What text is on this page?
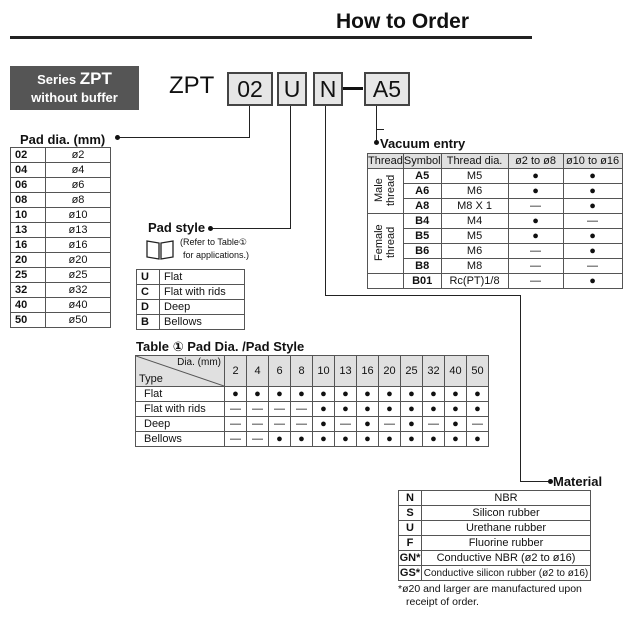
How to Order
Series ZPT
without buffer	ZPT 02 U N	A5
Pad dia. (mm)
02	ø2
04	ø4
06	ø6
08	ø8
10	ø10
13	ø13
16	ø16
20	ø20
25	ø25
32	ø32
40	ø40
50	ø50
Pad style
(Refer to Table①
for applications.)
U	Flat
C	Flat with rids
D	Deep
B	Bellows
Vacuum entry
Thread	Symbol	Thread dia.	ø2 to ø8	ø10 to ø16
Male thread	A5	M5	●	●
	A6	M6	●	●
	A8	M8 X 1	—	●
Female thread	B4	M4	●	—
	B5	M5	●	●
	B6	M6	—	●
	B8	M8	—	—
	B01	Rc(PT)1/8	—	●
Table ① Pad Dia. /Pad Style
Dia. (mm)
Type	2	4	6	8	10	13	16	20	25	32	40	50
Flat	●	●	●	●	●	●	●	●	●	●	●	●
Flat with rids	—	—	—	—	●	●	●	●	●	●	●	●
Deep	—	—	—	—	●	—	●	—	●	—	●	—
Bellows	—	—	●	●	●	●	●	●	●	●	●	●
Material
N	NBR
S	Silicon rubber
U	Urethane rubber
F	Fluorine rubber
GN*	Conductive NBR (ø2 to ø16)
GS*	Conductive silicon rubber (ø2 to ø16)
*ø20 and larger are manufactured upon
receipt of order.
